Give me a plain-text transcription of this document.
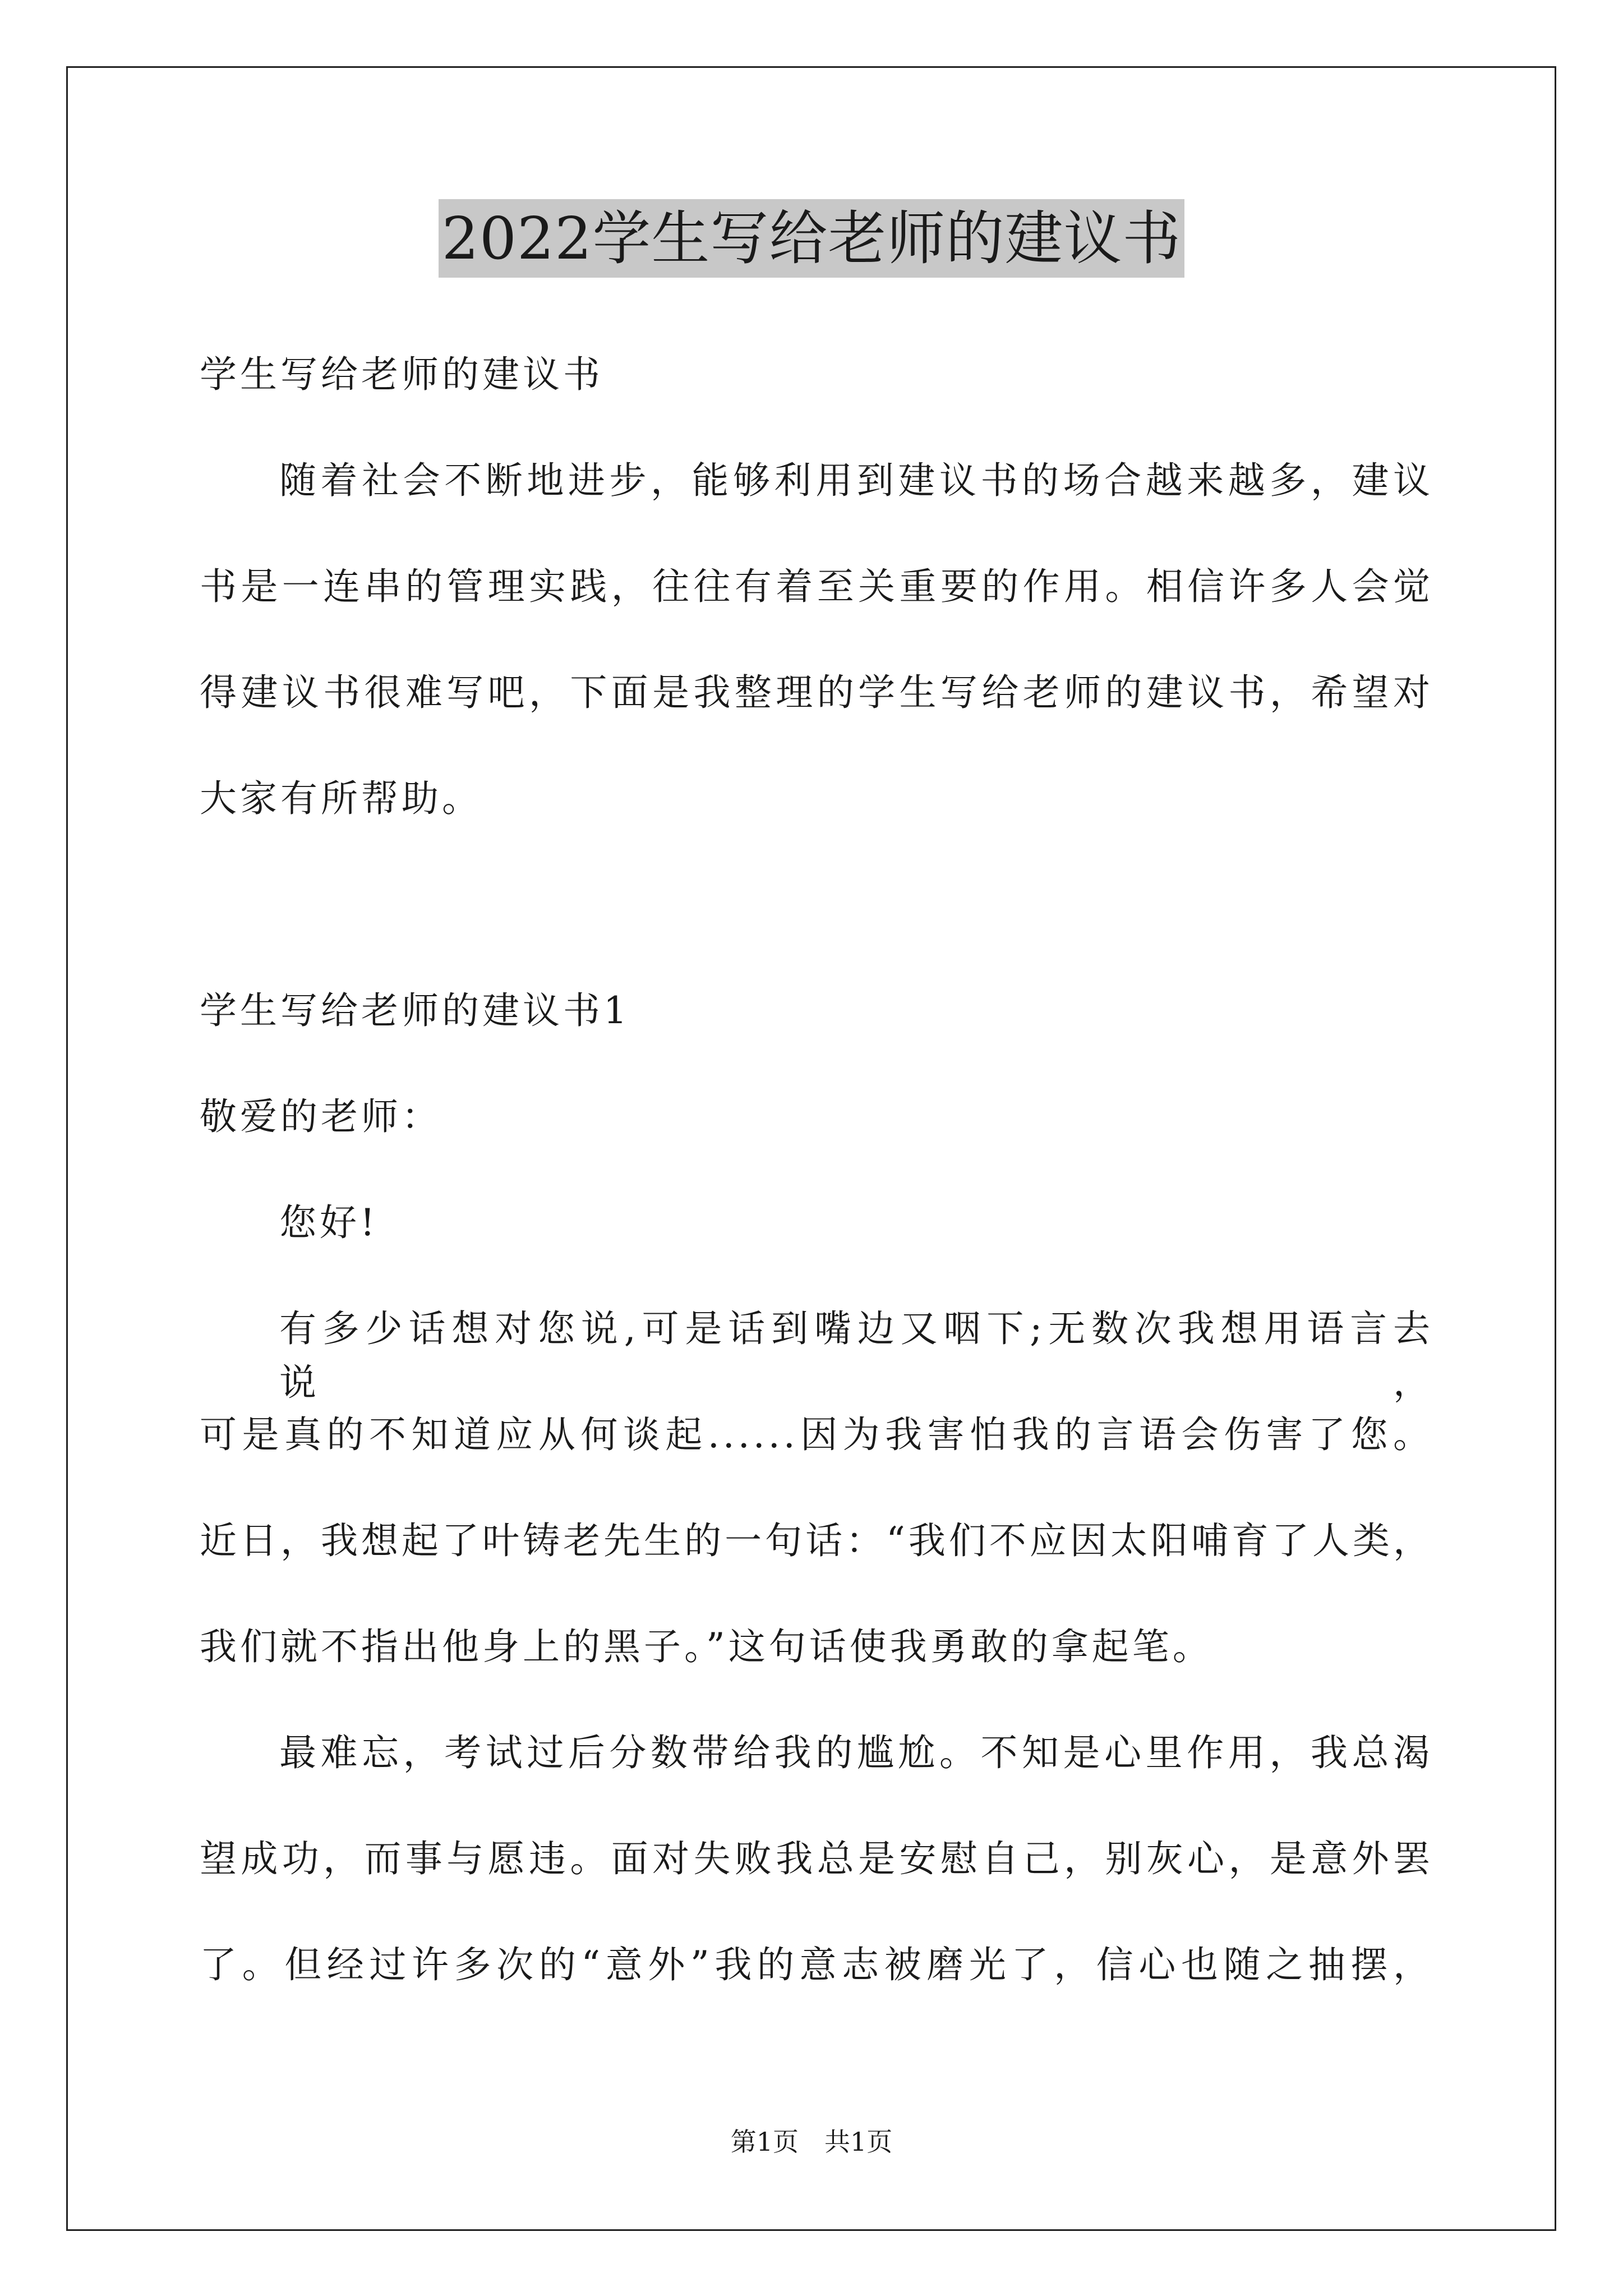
2022学生写给老师的建议书
学生写给老师的建议书
随着社会不断地进步，能够利用到建议书的场合越来越多，建议
书是一连串的管理实践，往往有着至关重要的作用。相信许多人会觉
得建议书很难写吧，下面是我整理的学生写给老师的建议书，希望对
大家有所帮助。
学生写给老师的建议书1
敬爱的老师：
您好!
有多少话想对您说,可是话到嘴边又咽下;无数次我想用语言去说，
可是真的不知道应从何谈起......因为我害怕我的言语会伤害了您。
近日，我想起了叶铸老先生的一句话：“我们不应因太阳哺育了人类，
我们就不指出他身上的黑子。”这句话使我勇敢的拿起笔。
最难忘，考试过后分数带给我的尴尬。不知是心里作用，我总渴
望成功，而事与愿违。面对失败我总是安慰自己，别灰心，是意外罢
了。但经过许多次的“意外”我的意志被磨光了，信心也随之抽摆，
第1页　共1页
